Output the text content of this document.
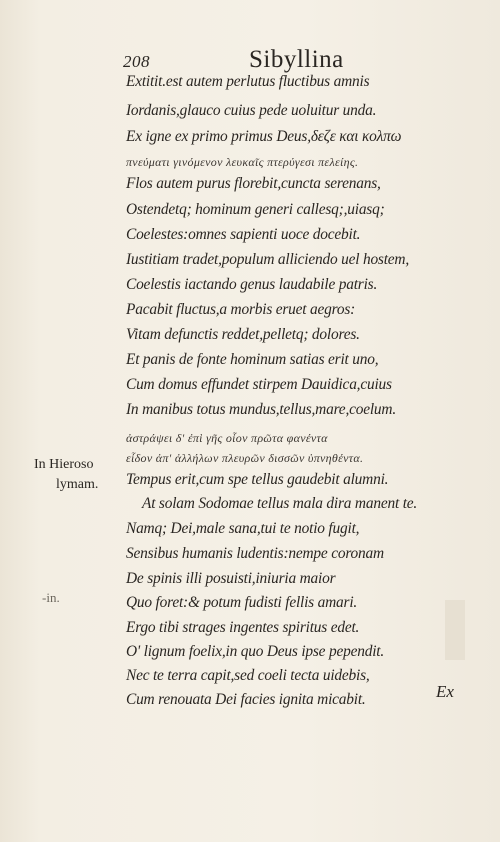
208	Sibyllina
Extitit.est autem perlutus fluctibus amnis
Iordanis,glauco cuius pede uoluitur unda.
Ex igne ex primo primus Deus,δεζε και κολπω
πνεύματι γινόμενον λευκαῖς πτερύγεσι πελείης.
Flos autem purus florebit,cuncta serenans,
Ostendetq; hominum generi callesq;,uiasq;
Coelestes:omnes sapienti uoce docebit.
Iustitiam tradet,populum alliciendo uel hostem,
Coelestis iactando genus laudabile patris.
Pacabit fluctus,a morbis eruet aegros:
Vitam defunctis reddet,pelletq; dolores.
Et panis de fonte hominum satias erit uno,
Cum domus effundet stirpem Dauidica,cuius
In manibus totus mundus,tellus,mare,coelum.
ἀστράψει δ' ἐπὶ γῆς οἷον πρῶτα φανέντα
εἶδον ἀπ' ἀλλήλων πλευρῶν δισσῶν ὑπνηθέντα.
Tempus erit,cum spe tellus gaudebit alumni.
At solam Sodomae tellus mala dira manent te.
Namq; Dei,male sana,tui te notio fugit,
Sensibus humanis ludentis:nempe coronam
De spinis illi posuisti,iniuria maior
Quo foret:& potum fudisti fellis amari.
Ergo tibi strages ingentes spiritus edet.
O' lignum foelix,in quo Deus ipse pependit.
Nec te terra capit,sed coeli tecta uidebis,
Cum renouata Dei facies ignita micabit.
In Hieroso
lymam.
-in.
Ex
